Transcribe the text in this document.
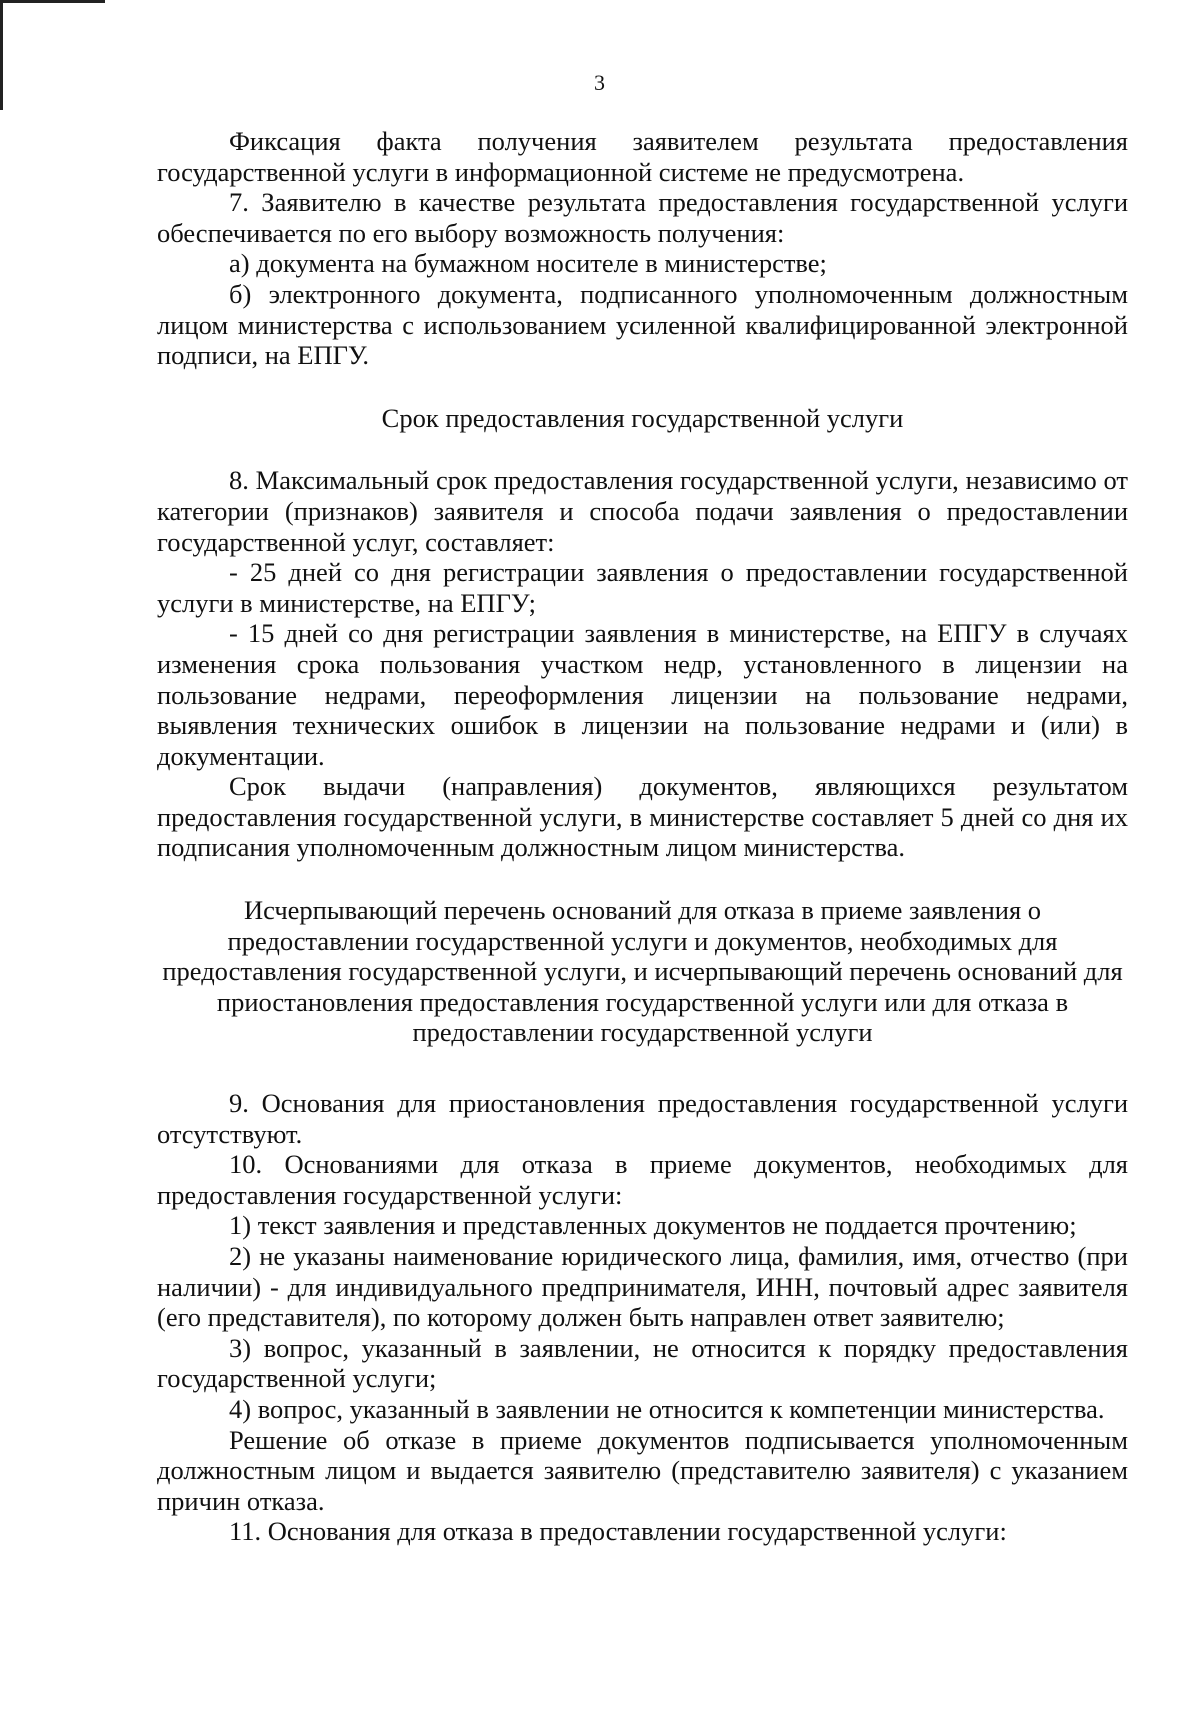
3
Фиксация факта получения заявителем результата предоставления государственной услуги в информационной системе не предусмотрена.
7. Заявителю в качестве результата предоставления государственной услуги обеспечивается по его выбору возможность получения:
а) документа на бумажном носителе в министерстве;
б) электронного документа, подписанного уполномоченным должностным лицом министерства с использованием усиленной квалифицированной электронной подписи, на ЕПГУ.
Срок предоставления государственной услуги
8. Максимальный срок предоставления государственной услуги, независимо от категории (признаков) заявителя и способа подачи заявления о предоставлении государственной услуг, составляет:
- 25 дней со дня регистрации заявления о предоставлении государственной услуги в министерстве, на ЕПГУ;
- 15 дней со дня регистрации заявления в министерстве, на ЕПГУ в случаях изменения срока пользования участком недр, установленного в лицензии на пользование недрами, переоформления лицензии на пользование недрами, выявления технических ошибок в лицензии на пользование недрами и (или) в документации.
Срок выдачи (направления) документов, являющихся результатом предоставления государственной услуги, в министерстве составляет 5 дней со дня их подписания уполномоченным должностным лицом министерства.
Исчерпывающий перечень оснований для отказа в приеме заявления о предоставлении государственной услуги и документов, необходимых для предоставления государственной услуги, и исчерпывающий перечень оснований для приостановления предоставления государственной услуги или для отказа в предоставлении государственной услуги
9. Основания для приостановления предоставления государственной услуги отсутствуют.
10. Основаниями для отказа в приеме документов, необходимых для предоставления государственной услуги:
1) текст заявления и представленных документов не поддается прочтению;
2) не указаны наименование юридического лица, фамилия, имя, отчество (при наличии) - для индивидуального предпринимателя, ИНН, почтовый адрес заявителя (его представителя), по которому должен быть направлен ответ заявителю;
3) вопрос, указанный в заявлении, не относится к порядку предоставления государственной услуги;
4) вопрос, указанный в заявлении не относится к компетенции министерства.
Решение об отказе в приеме документов подписывается уполномоченным должностным лицом и выдается заявителю (представителю заявителя) с указанием причин отказа.
11. Основания для отказа в предоставлении государственной услуги:
